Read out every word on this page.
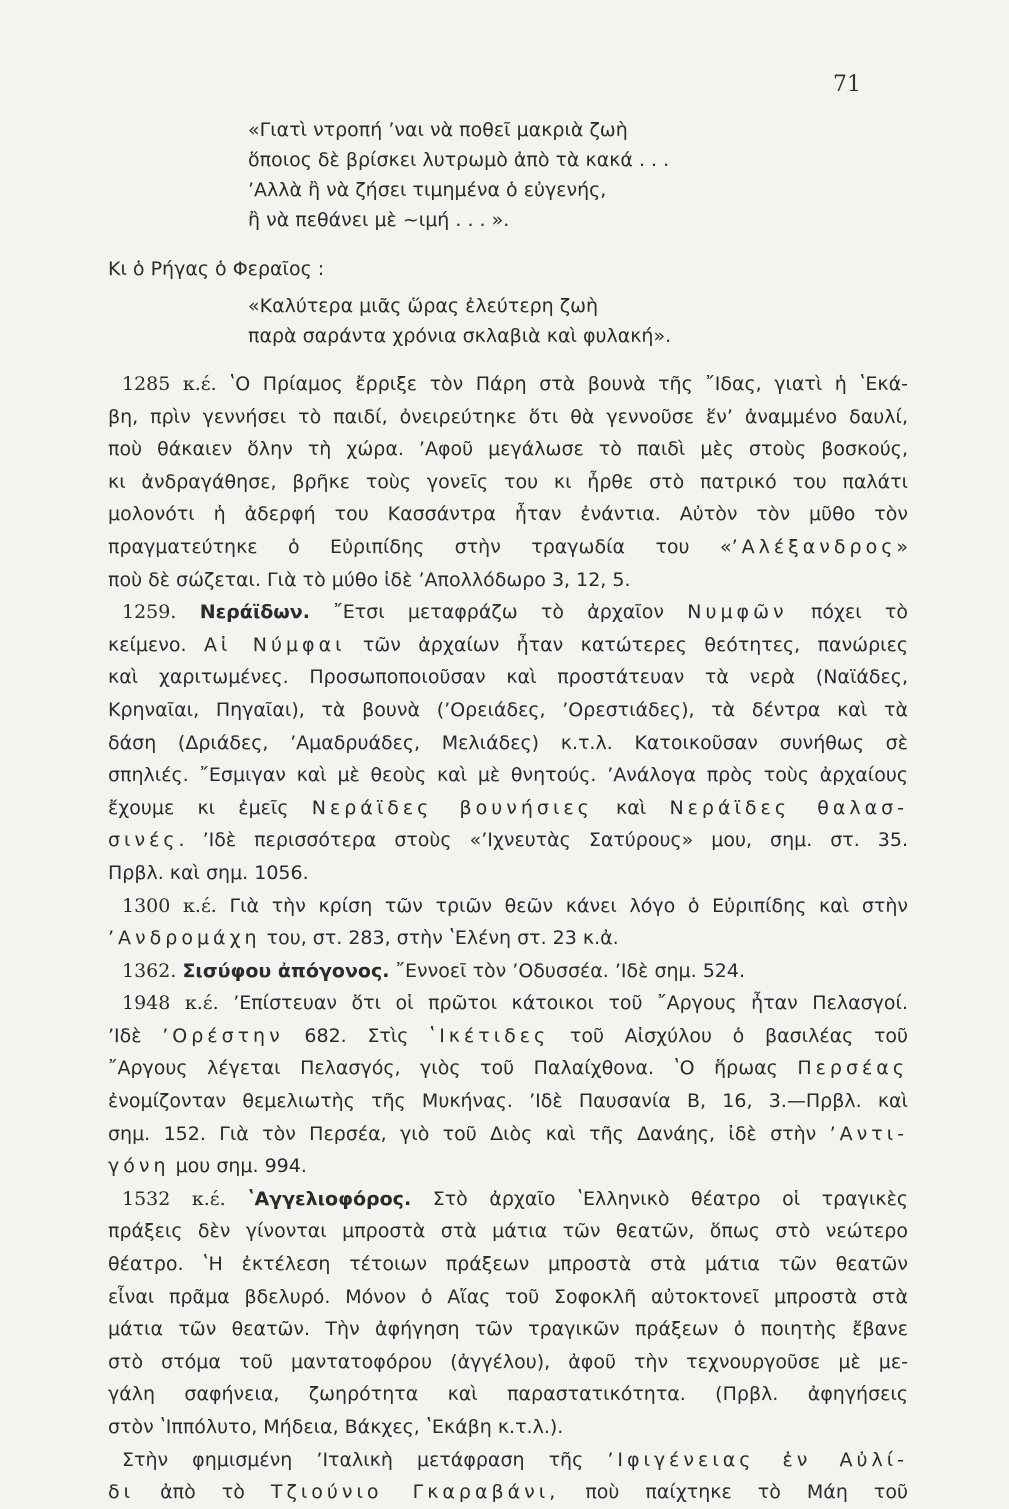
71
«Γιατὶ ντροπή ’ναι νὰ ποθεῖ μακριὰ ζωὴ
ὅποιος δὲ βρίσκει λυτρωμὸ ἀπὸ τὰ κακά . . .
’Αλλὰ ἢ νὰ ζήσει τιμημένα ὁ εὐγενής,
ἢ νὰ πεθάνει μὲ ~ιμή . . . ».
Κι ὁ Ρήγας ὁ Φεραῖος :
«Καλύτερα μιᾶς ὥρας ἐλεύτερη ζωὴ
παρὰ σαράντα χρόνια σκλαβιὰ καὶ φυλακή».
1285 κ.έ. ʽΟ Πρίαμος ἔρριξε τὸν Πάρη στὰ βουνὰ τῆς ῎Ιδας, γιατὶ ἡ ʽΕκά-
βη, πρὶν γεννήσει τὸ παιδί, ὀνειρεύτηκε ὅτι θὰ γεννοῦσε ἕν’ ἀναμμένο δαυλί,
ποὺ θάκαιεν ὅλην τὴ χώρα. ’Αφοῦ μεγάλωσε τὸ παιδὶ μὲς στοὺς βοσκούς,
κι ἀνδραγάθησε, βρῆκε τοὺς γονεῖς του κι ἦρθε στὸ πατρικό του παλάτι
μολονότι ἡ ἀδερφή του Κασσάντρα ἦταν ἐνάντια. Αὐτὸν τὸν μῦθο τὸν
πραγματεύτηκε ὁ Εὐριπίδης στὴν τραγωδία του «’Αλέξανδρος»
ποὺ δὲ σώζεται. Γιὰ τὸ μύθο ἰδὲ ’Απολλόδωρο 3, 12, 5.
1259. Νεράϊδων. ῎Ετσι μεταφράζω τὸ ἀρχαῖον Νυμφῶν πόχει τὸ
κείμενο. Αἱ Νύμφαι τῶν ἀρχαίων ἦταν κατώτερες θεότητες, πανώριες
καὶ χαριτωμένες. Προσωποποιοῦσαν καὶ προστάτευαν τὰ νερὰ (Ναϊάδες,
Κρηναῖαι, Πηγαῖαι), τὰ βουνὰ (’Ορειάδες, ’Ορεστιάδες), τὰ δέντρα καὶ τὰ
δάση (Δριάδες, ’Αμαδρυάδες, Μελιάδες) κ.τ.λ. Κατοικοῦσαν συνήθως σὲ
σπηλιές. ῎Εσμιγαν καὶ μὲ θεοὺς καὶ μὲ θνητούς. ’Ανάλογα πρὸς τοὺς ἀρχαίους
ἔχουμε κι ἐμεῖς Νεράϊδες βουνήσιες καὶ Νεράϊδες θαλασ-
σινές. ’Ιδὲ περισσότερα στοὺς «’Ιχνευτὰς Σατύρους» μου, σημ. στ. 35.
Πρβλ. καὶ σημ. 1056.
1300 κ.έ. Γιὰ τὴν κρίση τῶν τριῶν θεῶν κάνει λόγο ὁ Εὐριπίδης καὶ στὴν
’Ανδρομάχη του, στ. 283, στὴν ʽΕλένη στ. 23 κ.ἀ.
1362. Σισύφου ἀπόγονος. ῎Εννοεῖ τὸν ’Οδυσσέα. ’Ιδὲ σημ. 524.
1948 κ.έ. ’Επίστευαν ὅτι οἱ πρῶτοι κάτοικοι τοῦ ῎Αργους ἦταν Πελασγοί.
’Ιδὲ ’Ορέστην 682. Στὶς ʽΙκέτιδες τοῦ Αἰσχύλου ὁ βασιλέας τοῦ
῎Αργους λέγεται Πελασγός, γιὸς τοῦ Παλαίχθονα. ʽΟ ἥρωας Περσέας
ἐνομίζονταν θεμελιωτὴς τῆς Μυκήνας. ’Ιδὲ Παυσανία Β, 16, 3.—Πρβλ. καὶ
σημ. 152. Γιὰ τὸν Περσέα, γιὸ τοῦ Διὸς καὶ τῆς Δανάης, ἰδὲ στὴν ’Αντι-
γόνη μου σημ. 994.
1532 κ.έ. ʽΑγγελιοφόρος. Στὸ ἀρχαῖο ʽΕλληνικὸ θέατρο οἱ τραγικὲς
πράξεις δὲν γίνονται μπροστὰ στὰ μάτια τῶν θεατῶν, ὅπως στὸ νεώτερο
θέατρο. ʽΗ ἐκτέλεση τέτοιων πράξεων μπροστὰ στὰ μάτια τῶν θεατῶν
εἶναι πρᾶμα βδελυρό. Μόνον ὁ Αἴας τοῦ Σοφοκλῆ αὐτοκτονεῖ μπροστὰ στὰ
μάτια τῶν θεατῶν. Τὴν ἀφήγηση τῶν τραγικῶν πράξεων ὁ ποιητὴς ἔβανε
στὸ στόμα τοῦ μαντατοφόρου (ἀγγέλου), ἀφοῦ τὴν τεχνουργοῦσε μὲ με-
γάλη σαφήνεια, ζωηρότητα καὶ παραστατικότητα. (Πρβλ. ἀφηγήσεις
στὸν ʽΙππόλυτο, Μήδεια, Βάκχες, ʽΕκάβη κ.τ.λ.).
Στὴν φημισμένη ’Ιταλικὴ μετάφραση τῆς ’Ιφιγένειας ἐν Αὐλί-
δι ἀπὸ τὸ Τζιούνιο Γκαραβάνι, ποὺ παίχτηκε τὸ Μάη τοῦ
